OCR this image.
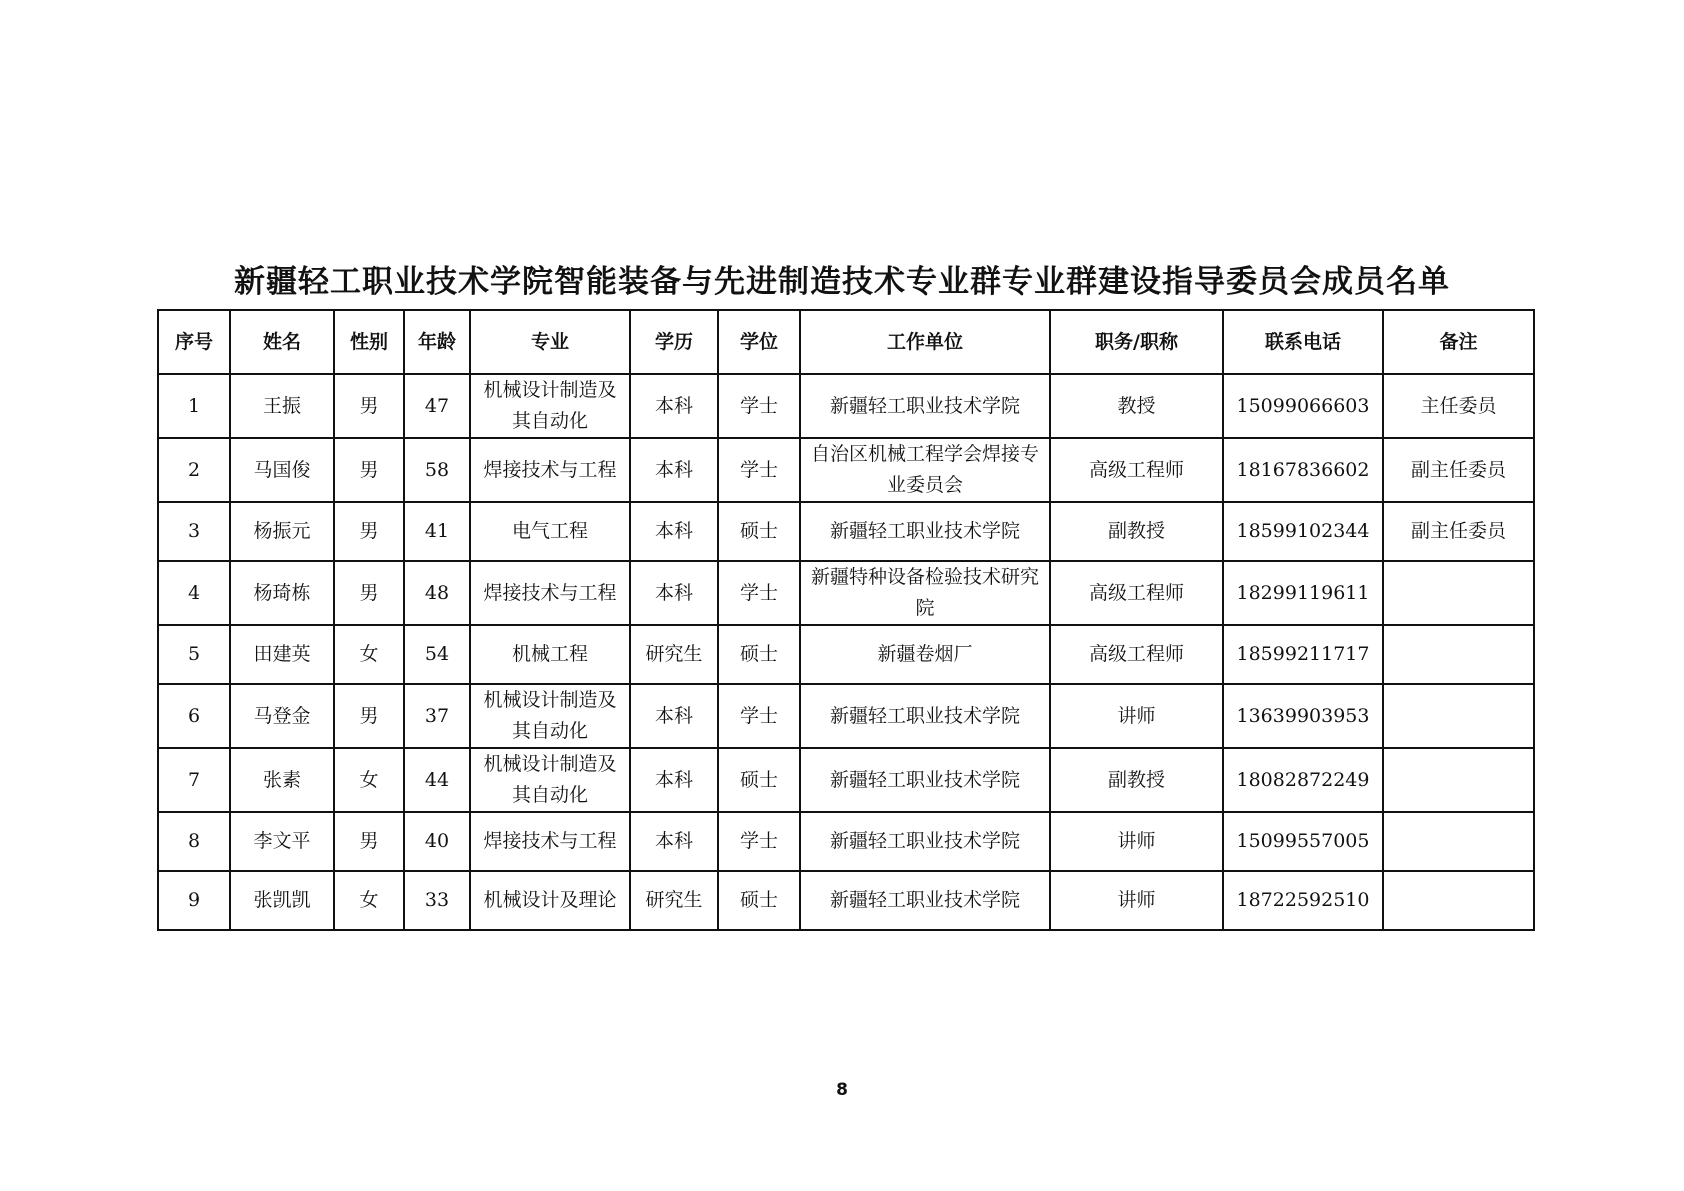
新疆轻工职业技术学院智能装备与先进制造技术专业群专业群建设指导委员会成员名单
序号	姓名	性别	年龄	专业	学历	学位	工作单位	职务/职称	联系电话	备注
1	王振	男	47	机械设计制造及其自动化	本科	学士	新疆轻工职业技术学院	教授	15099066603	主任委员
2	马国俊	男	58	焊接技术与工程	本科	学士	自治区机械工程学会焊接专业委员会	高级工程师	18167836602	副主任委员
3	杨振元	男	41	电气工程	本科	硕士	新疆轻工职业技术学院	副教授	18599102344	副主任委员
4	杨琦栋	男	48	焊接技术与工程	本科	学士	新疆特种设备检验技术研究院	高级工程师	18299119611	
5	田建英	女	54	机械工程	研究生	硕士	新疆卷烟厂	高级工程师	18599211717	
6	马登金	男	37	机械设计制造及其自动化	本科	学士	新疆轻工职业技术学院	讲师	13639903953	
7	张素	女	44	机械设计制造及其自动化	本科	硕士	新疆轻工职业技术学院	副教授	18082872249	
8	李文平	男	40	焊接技术与工程	本科	学士	新疆轻工职业技术学院	讲师	15099557005	
9	张凯凯	女	33	机械设计及理论	研究生	硕士	新疆轻工职业技术学院	讲师	18722592510	
8
